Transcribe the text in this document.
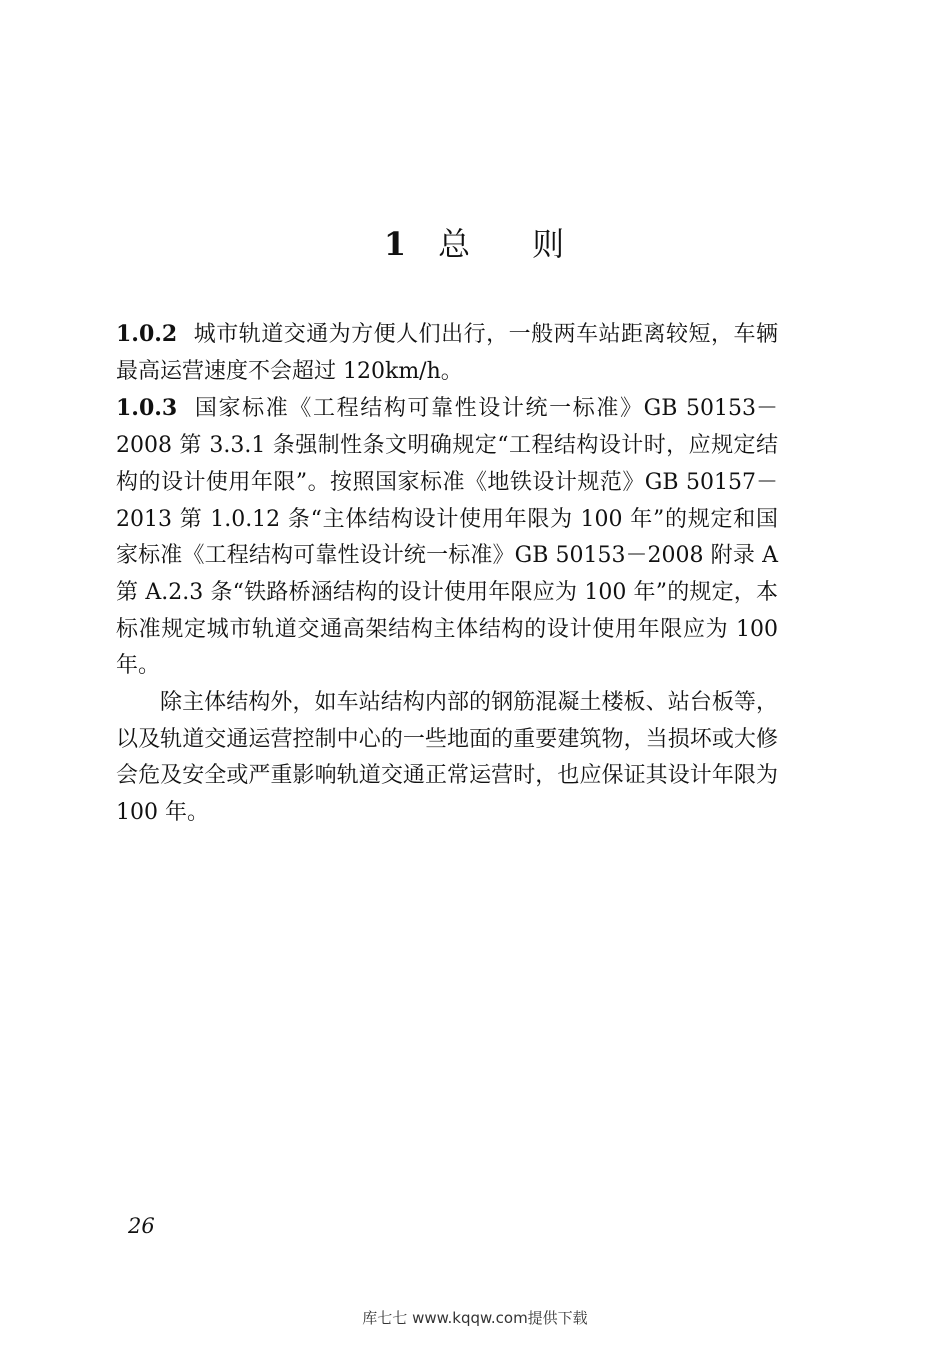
1 总 则

1.0.2 城市轨道交通为方便人们出行，一般两车站距离较短，车辆最高运营速度不会超过 120km/h。

1.0.3 国家标准《工程结构可靠性设计统一标准》GB 50153－2008 第 3.3.1 条强制性条文明确规定“工程结构设计时，应规定结构的设计使用年限”。按照国家标准《地铁设计规范》GB 50157－2013 第 1.0.12 条“主体结构设计使用年限为 100 年”的规定和国家标准《工程结构可靠性设计统一标准》GB 50153－2008 附录 A 第 A.2.3 条“铁路桥涵结构的设计使用年限应为 100 年”的规定，本标准规定城市轨道交通高架结构主体结构的设计使用年限应为 100 年。

除主体结构外，如车站结构内部的钢筋混凝土楼板、站台板等，以及轨道交通运营控制中心的一些地面的重要建筑物，当损坏或大修会危及安全或严重影响轨道交通正常运营时，也应保证其设计年限为 100 年。

26
库七七 www.kqqw.com提供下载
